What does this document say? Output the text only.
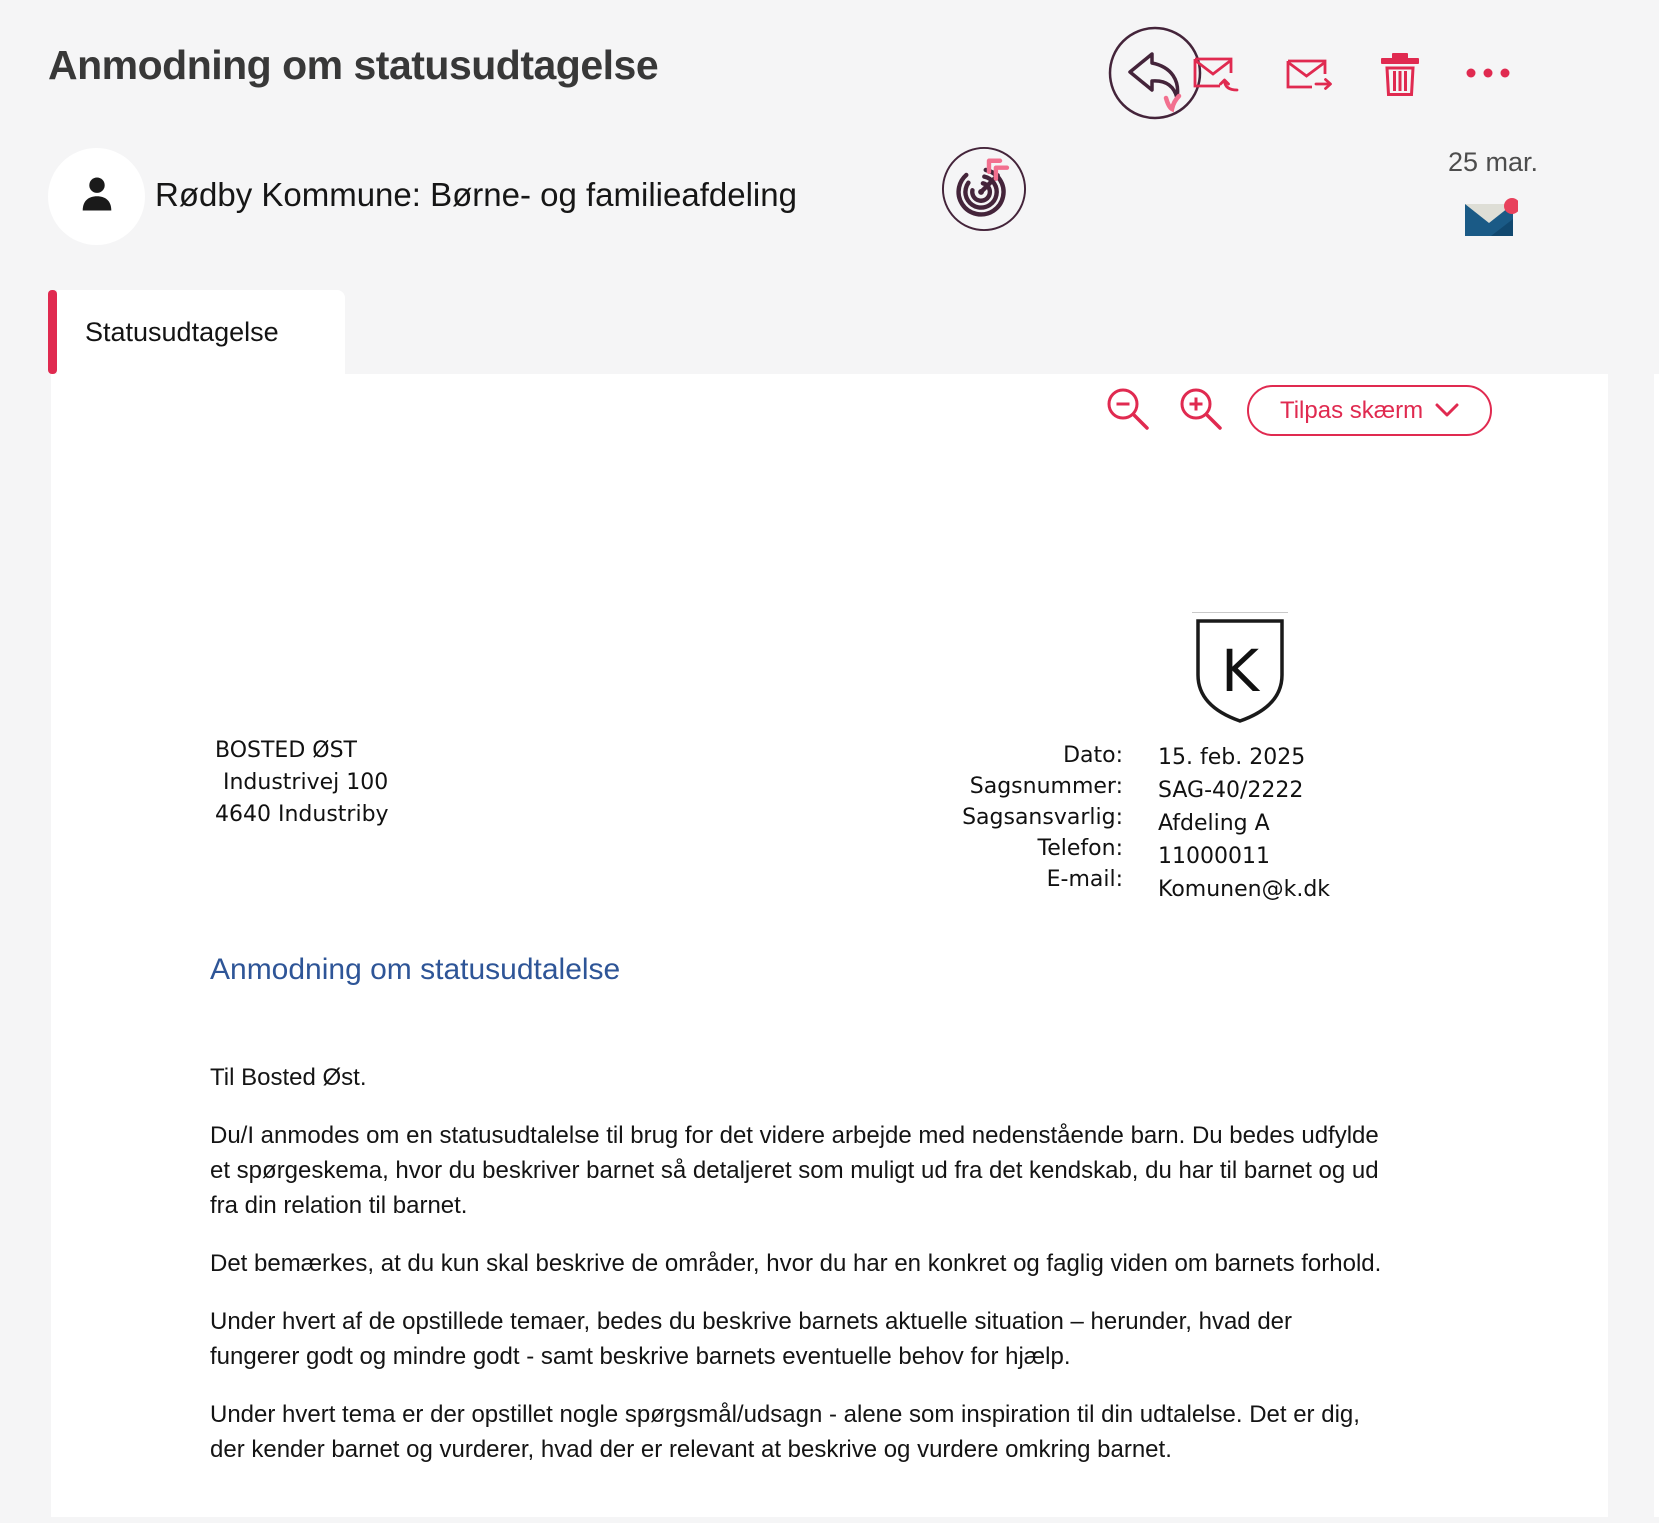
Anmodning om statusudtagelse
Rødby Kommune: Børne- og familieafdeling
25 mar.
Statusudtagelse
Tilpas skærm
K
BOSTED ØST
Industrivej 100
4640 Industriby
Dato:
Sagsnummer:
Sagsansvarlig:
Telefon:
E-mail:
15. feb. 2025
SAG-40/2222
Afdeling A
11000011
Komunen@k.dk
Anmodning om statusudtalelse

Til Bosted Øst.

Du/I anmodes om en statusudtalelse til brug for det videre arbejde med nedenstående barn. Du bedes udfylde et spørgeskema, hvor du beskriver barnet så detaljeret som muligt ud fra det kendskab, du har til barnet og ud fra din relation til barnet.

Det bemærkes, at du kun skal beskrive de områder, hvor du har en konkret og faglig viden om barnets forhold.

Under hvert af de opstillede temaer, bedes du beskrive barnets aktuelle situation – herunder, hvad der fungerer godt og mindre godt - samt beskrive barnets eventuelle behov for hjælp.

Under hvert tema er der opstillet nogle spørgsmål/udsagn - alene som inspiration til din udtalelse. Det er dig, der kender barnet og vurderer, hvad der er relevant at beskrive og vurdere omkring barnet.
